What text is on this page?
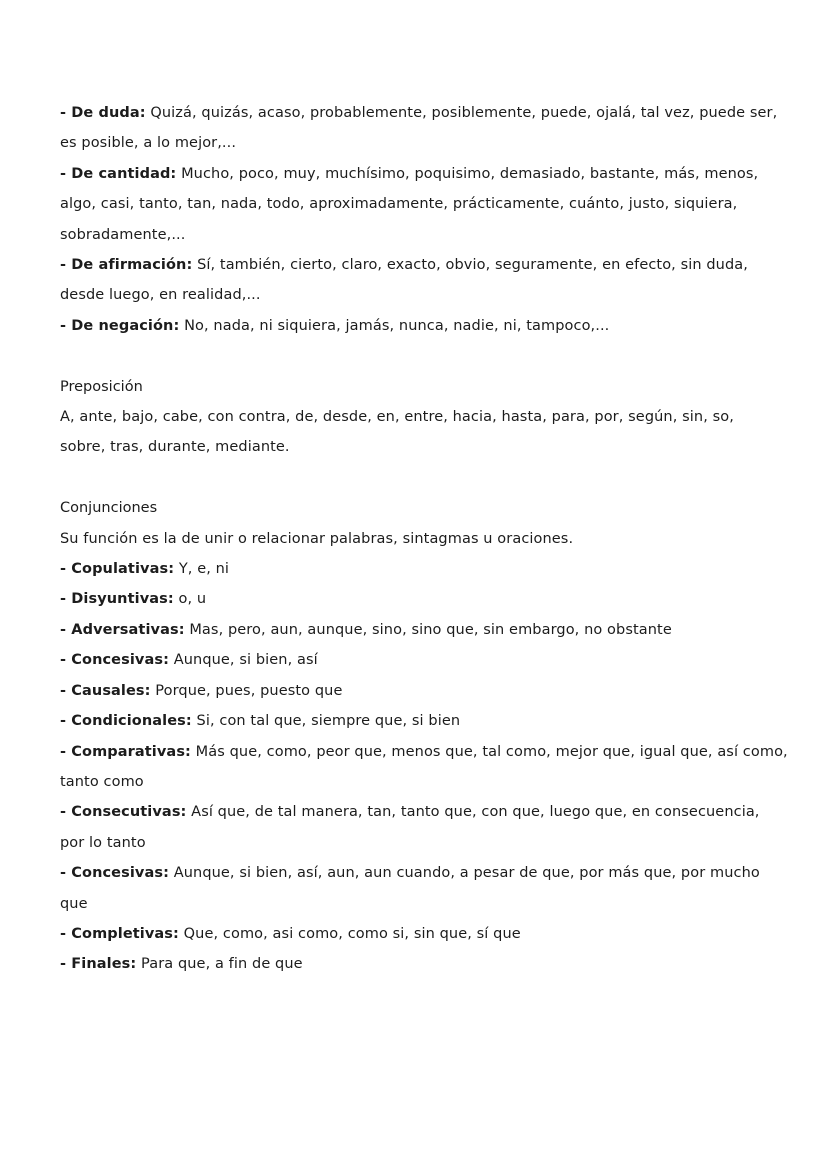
- De duda: Quizá, quizás, acaso, probablemente, posiblemente, puede, ojalá, tal vez, puede ser,
es posible, a lo mejor,...
- De cantidad: Mucho, poco, muy, muchísimo, poquisimo, demasiado, bastante, más, menos,
algo, casi, tanto, tan, nada, todo, aproximadamente, prácticamente, cuánto, justo, siquiera,
sobradamente,...
- De afirmación: Sí, también, cierto, claro, exacto, obvio, seguramente, en efecto, sin duda,
desde luego, en realidad,...
- De negación: No, nada, ni siquiera, jamás, nunca, nadie, ni, tampoco,...
Preposición
A, ante, bajo, cabe, con contra, de, desde, en, entre, hacia, hasta, para, por, según, sin, so,
sobre, tras, durante, mediante.
Conjunciones
Su función es la de unir o relacionar palabras, sintagmas u oraciones.
- Copulativas: Y, e, ni
- Disyuntivas: o, u
- Adversativas: Mas, pero, aun, aunque, sino, sino que, sin embargo, no obstante
- Concesivas: Aunque, si bien, así
- Causales: Porque, pues, puesto que
- Condicionales: Si, con tal que, siempre que, si bien
- Comparativas: Más que, como, peor que, menos que, tal como, mejor que, igual que, así como,
tanto como
- Consecutivas: Así que, de tal manera, tan, tanto que, con que, luego que, en consecuencia,
por lo tanto
- Concesivas: Aunque, si bien, así, aun, aun cuando, a pesar de que, por más que, por mucho
que
- Completivas: Que, como, asi como, como si, sin que, sí que
- Finales: Para que, a fin de que
